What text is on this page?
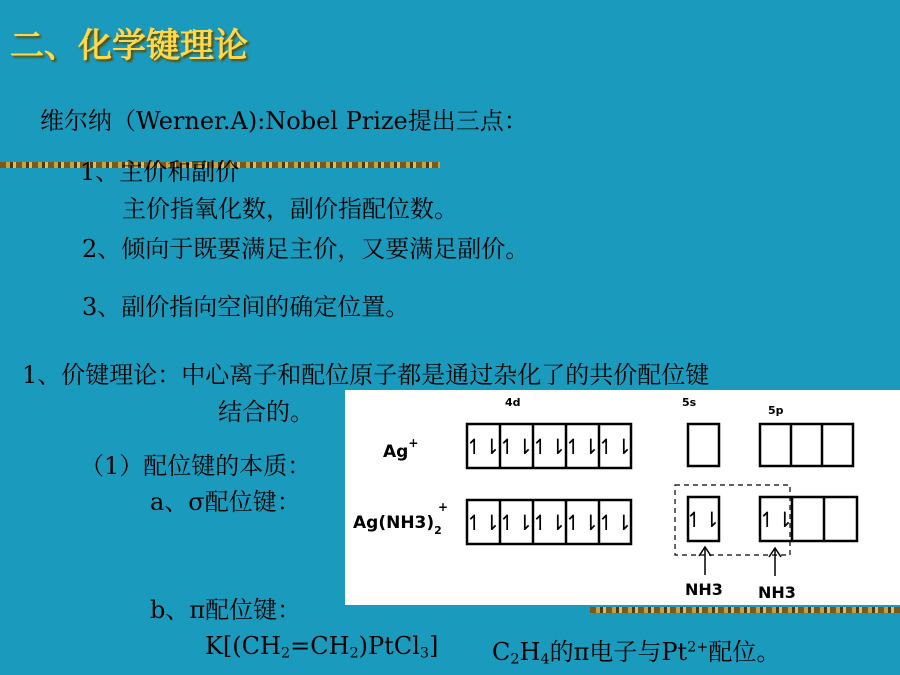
二、化学键理论
维尔纳（Werner.A):Nobel Prize提出三点：
1、主价和副价
主价指氧化数，副价指配位数。
2、倾向于既要满足主价，又要满足副价。
3、副价指向空间的确定位置。
1、价键理论：中心离子和配位原子都是通过杂化了的共价配位键
结合的。
（1）配位键的本质：
a、σ配位键：
b、π配位键：
$K[(CH_2=CH_2)PtCl_3]$ $C_2H_4$的π电子与$Pt^{2+}$配位。
4d	5s
5p
Ag+
$Ag(NH3)_2$
+
↿⇂
↿⇂
↿⇂
↿⇂
↿⇂
↿⇂
↿⇂
↿⇂
↿⇂
↿⇂	↿⇂ ↿⇂
NH3 NH3
